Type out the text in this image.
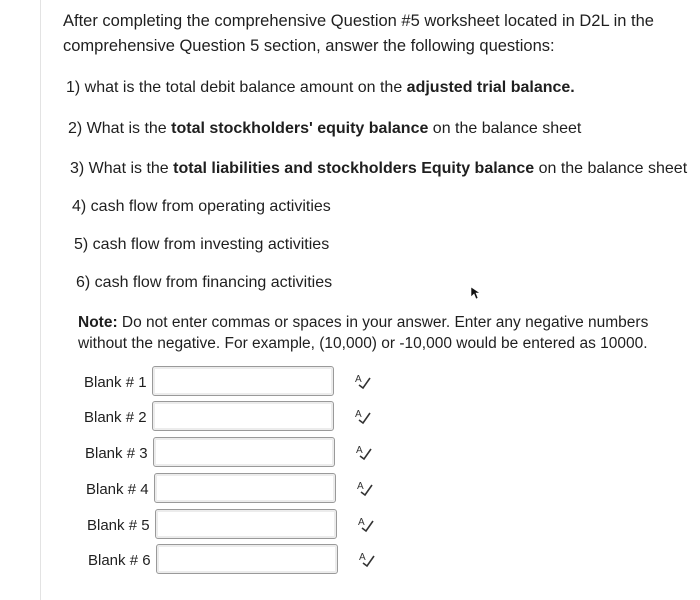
After completing the comprehensive Question #5 worksheet located in D2L in the comprehensive Question 5 section, answer the following questions:

1) what is the total debit balance amount on the adjusted trial balance.

2) What is the total stockholders' equity balance on the balance sheet

3) What is the total liabilities and stockholders Equity balance on the balance sheet

4) cash flow from operating activities

5) cash flow from investing activities

6) cash flow from financing activities

Note: Do not enter commas or spaces in your answer. Enter any negative numbers without the negative. For example, (10,000) or -10,000 would be entered as 10000.

Blank # 1	A
Blank # 2	A
Blank # 3	A
Blank # 4	A
Blank # 5	A
Blank # 6	A
